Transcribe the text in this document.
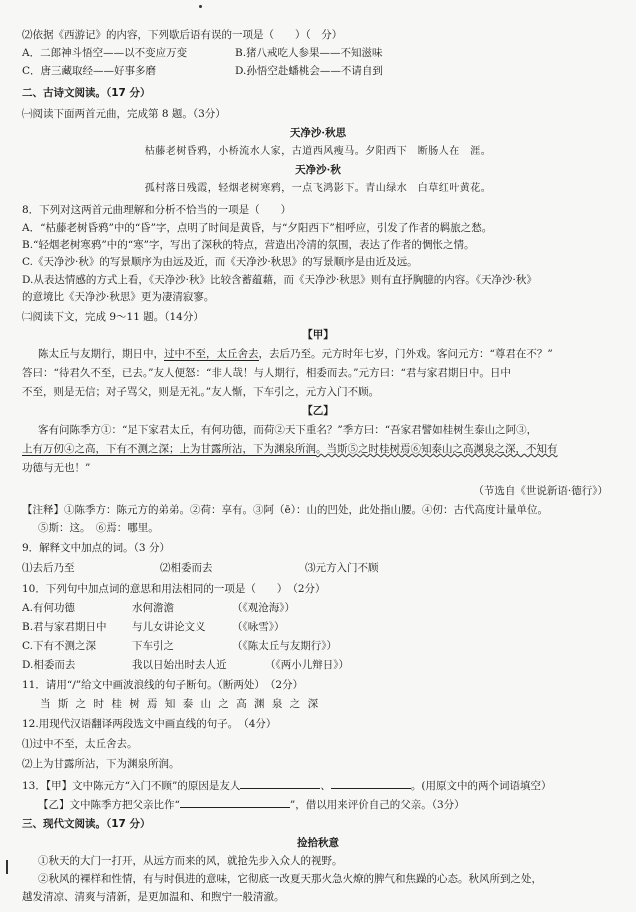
⑵依据《西游记》的内容，下列歇后语有误的一项是（　　）（　分）
A．二郎神斗悟空——以不变应万变	B.猪八戒吃人参果——不知滋味
C．唐三藏取经——好事多磨	D.孙悟空赴蟠桃会——不请自到
二、古诗文阅读。（17 分）
㈠阅读下面两首元曲，完成第 8 题。（3分）
天净沙·秋思
枯藤老树昏鸦，小桥流水人家，古道西风瘦马。夕阳西下　断肠人在　涯。
天净沙·秋
孤村落日残霞，轻烟老树寒鸦，一点飞鸿影下。青山绿水　白草红叶黄花。
8．下列对这两首元曲理解和分析不恰当的一项是（　　）
A．“枯藤老树昏鸦”中的“昏”字，点明了时间是黄昏，与“夕阳西下”相呼应，引发了作者的羁旅之愁。
B.“轻烟老树寒鸦”中的“寒”字，写出了深秋的特点，营造出冷清的氛围，表达了作者的惆怅之情。
C.《天净沙·秋》的写景顺序为由远及近，而《天净沙·秋思》的写景顺序是由近及远。
D.从表达情感的方式上看，《天净沙·秋》比较含蓄蕴藉，而《天净沙·秋思》则有直抒胸臆的内容。《天净沙·秋》
的意境比《天净沙·秋思》更为凄清寂寥。
㈡阅读下文，完成 9～11 题。（14分）
【甲】
陈太丘与友期行，期日中，过中不至，太丘舍去，去后乃至。元方时年七岁，门外戏。客问元方：“尊君在不？”
答曰：“待君久不至，已去。”友人便怒：“非人哉！与人期行，相委而去。”元方曰：“君与家君期日中。日中
不至，则是无信；对子骂父，则是无礼。”友人惭，下车引之，元方入门不顾。
【乙】
客有问陈季方①：“足下家君太丘，有何功德，而荷②天下重名？”季方曰：“吾家君譬如桂树生泰山之阿③，
上有万仞④之高，下有不测之深；上为甘露所沾，下为渊泉所润。当斯⑤之时桂树焉⑥知泰山之高渊泉之深，不知有
功德与无也！”
（节选自《世说新语·德行》）
【注释】①陈季方：陈元方的弟弟。②荷：享有。③阿（ē）：山的凹处，此处指山腰。④仞：古代高度计量单位。
⑤斯：这。　⑥焉：哪里。
9．解释文中加点的词。（3 分）
⑴去后乃至	⑵相委而去	⑶元方入门不顾
10．下列句中加点词的意思和用法相同的一项是（　　）　（2分）
A.有何功德	水何澹澹	（《观沧海》）
B.君与家君期日中 与儿女讲论文义	（《咏雪》）
C.下有不测之深	下车引之	（《陈太丘与友期行》）
D.相委而去	我以日始出时去人近	（《两小儿辩日》）
11．请用“/”给文中画波浪线的句子断句。（断两处）　（2分）
当 斯 之 时 桂 树 焉 知 泰 山 之 高 渊 泉 之 深
12.用现代汉语翻译两段选文中画直线的句子。　（4分）
⑴过中不至，太丘舍去。
⑵上为甘露所沾，下为渊泉所润。
13．【甲】文中陈元方“入门不顾”的原因是友人	、	。(用原文中的两个词语填空）
【乙】文中陈季方把父亲比作“	”，借以用来评价自己的父亲。（3分）
三、现代文阅读。（17 分）
捡拾秋意
①秋天的大门一打开，从远方而来的风，就抢先步入众人的视野。
②秋风的裸样和性情，有与时俱进的意味，它彻底一改夏天那火急火燎的脾气和焦躁的心态。秋风所到之处，
越发清凉、清爽与清新，是更加温和、和煦宁一般清澈。
